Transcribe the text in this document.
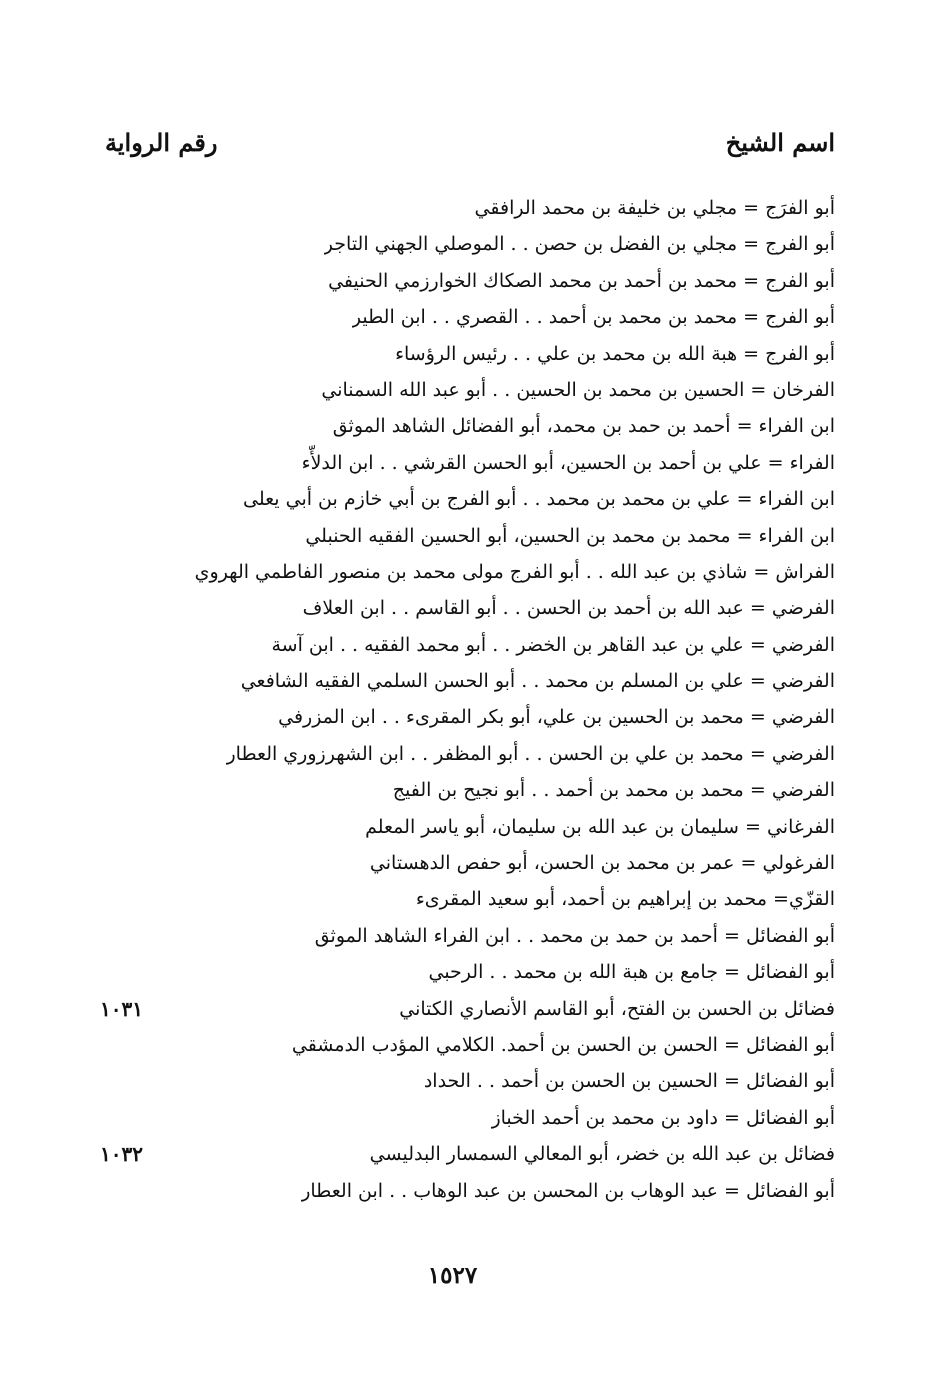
اسم الشيخ
رقم الرواية
أبو الفرَج = مجلي بن خليفة بن محمد الرافقي
أبو الفرج = مجلي بن الفضل بن حصن . . الموصلي الجهني التاجر
أبو الفرج = محمد بن أحمد بن محمد الصكاك الخوارزمي الحنيفي
أبو الفرج = محمد بن محمد بن أحمد . . القصري . . ابن الطير
أبو الفرج = هبة الله بن محمد بن علي . . رئيس الرؤساء
الفرخان = الحسين بن محمد بن الحسين . . أبو عبد الله السمناني
ابن الفراء = أحمد بن حمد بن محمد، أبو الفضائل الشاهد الموثق
الفراء = علي بن أحمد بن الحسين، أبو الحسن القرشي . . ابن الدلأّء
ابن الفراء = علي بن محمد بن محمد . . أبو الفرج بن أبي خازم بن أبي يعلى
ابن الفراء = محمد بن محمد بن الحسين، أبو الحسين الفقيه الحنبلي
الفراش = شاذي بن عبد الله . . أبو الفرج مولى محمد بن منصور الفاطمي الهروي
الفرضي = عبد الله بن أحمد بن الحسن . . أبو القاسم . . ابن العلاف
الفرضي = علي بن عبد القاهر بن الخضر . . أبو محمد الفقيه . . ابن آسة
الفرضي = علي بن المسلم بن محمد . . أبو الحسن السلمي الفقيه الشافعي
الفرضي = محمد بن الحسين بن علي، أبو بكر المقرىء . . ابن المزرفي
الفرضي = محمد بن علي بن الحسن . . أبو المظفر . . ابن الشهرزوري العطار
الفرضي = محمد بن محمد بن أحمد . . أبو نجيح بن الفيج
الفرغاني = سليمان بن عبد الله بن سليمان، أبو ياسر المعلم
الفرغولي = عمر بن محمد بن الحسن، أبو حفص الدهستاني
القزّي= محمد بن إبراهيم بن أحمد، أبو سعيد المقرىء
أبو الفضائل = أحمد بن حمد بن محمد . . ابن الفراء الشاهد الموثق
أبو الفضائل = جامع بن هبة الله بن محمد . . الرحبي
فضائل بن الحسن بن الفتح، أبو القاسم الأنصاري الكتاني
١٠٣١
أبو الفضائل = الحسن بن الحسن بن أحمد. الكلامي المؤدب الدمشقي
أبو الفضائل = الحسين بن الحسن بن أحمد . . الحداد
أبو الفضائل = داود بن محمد بن أحمد الخباز
فضائل بن عبد الله بن خضر، أبو المعالي السمسار البدليسي
١٠٣٢
أبو الفضائل = عبد الوهاب بن المحسن بن عبد الوهاب . . ابن العطار
١٥٢٧
